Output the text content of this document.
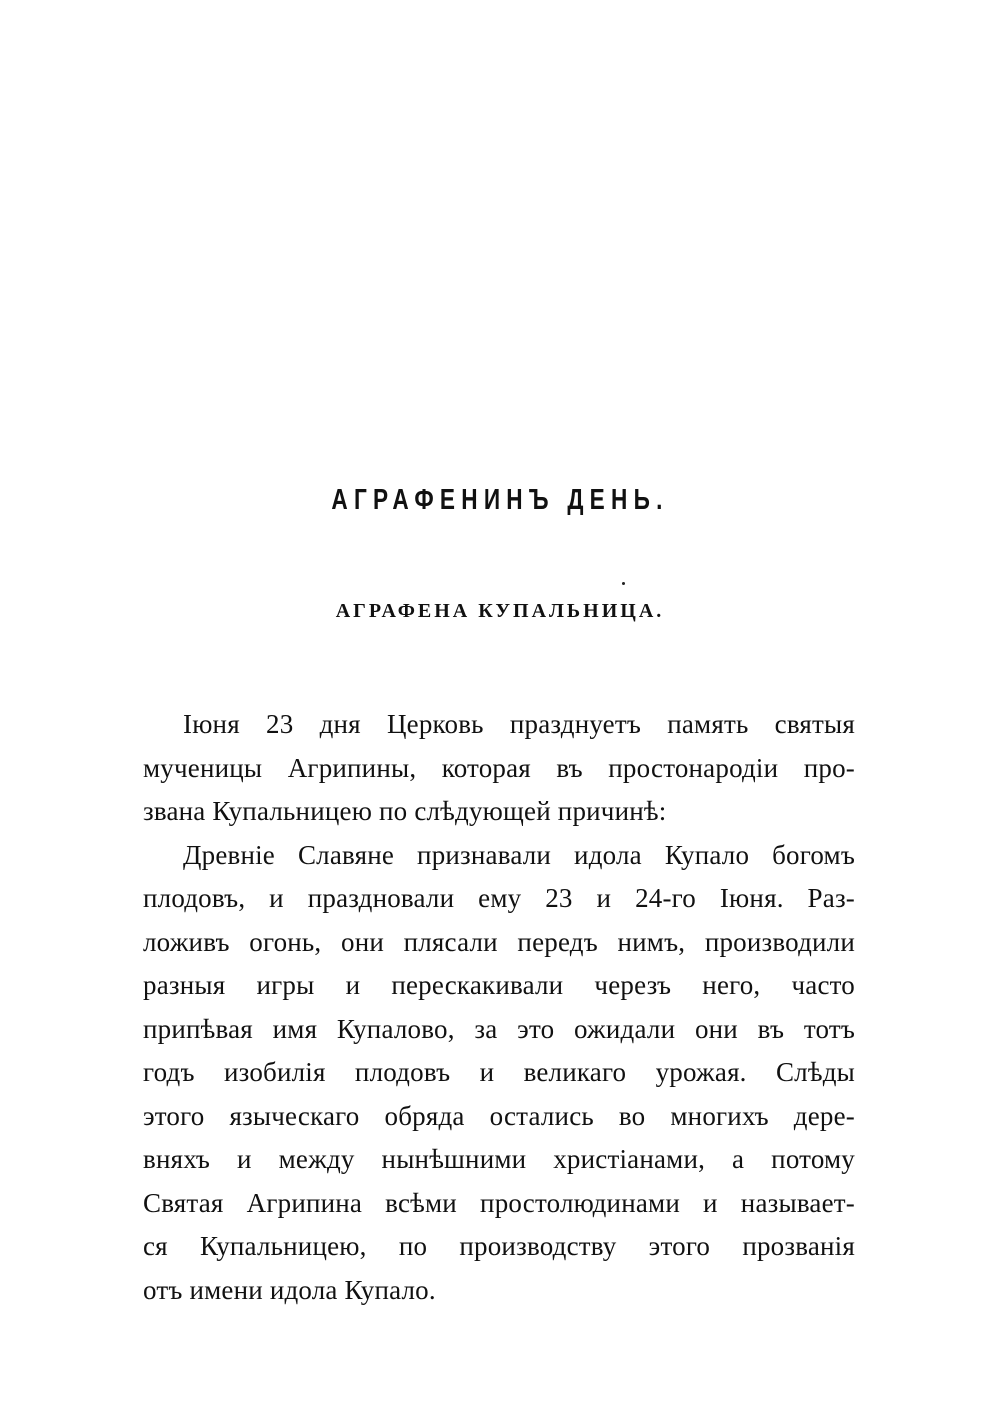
АГРАФЕНИНЪ ДЕНЬ.
АГРАФЕНА КУПАЛЬНИЦА.
Іюня 23 дня Церковь празднуетъ память святыя
мученицы Агрипины, которая въ простонародіи про-
звана Купальницею по слѣдующей причинѣ:
Древніе Славяне признавали идола Купало богомъ
плодовъ, и праздновали ему 23 и 24-го Іюня. Раз-
ложивъ огонь, они плясали передъ нимъ, производили
разныя игры и перескакивали черезъ него, часто
припѣвая имя Купалово, за это ожидали они въ тотъ
годъ изобилія плодовъ и великаго урожая. Слѣды
этого языческаго обряда остались во многихъ дере-
вняхъ и между нынѣшними христіанами, а потому
Святая Агрипина всѣми простолюдинами и называет-
ся Купальницею, по производству этого прозванія
отъ имени идола Купало.
